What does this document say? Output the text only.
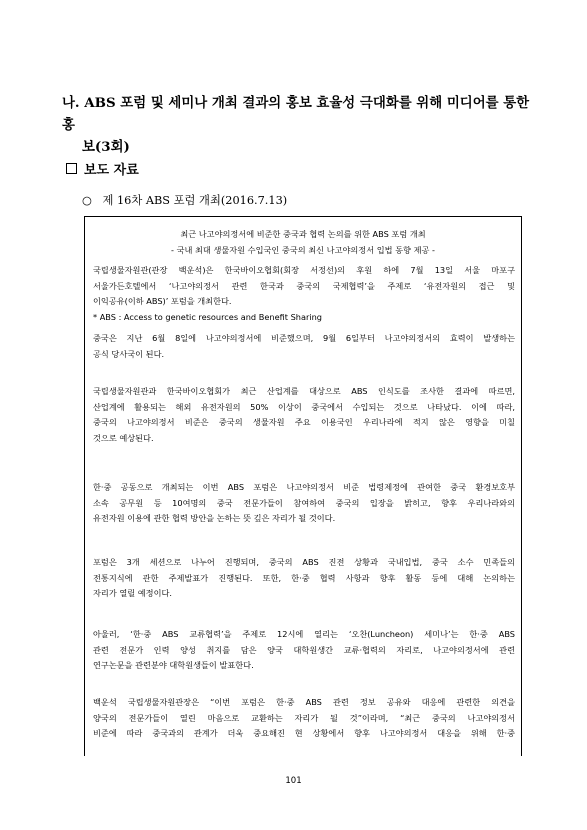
나. ABS 포럼 및 세미나 개최 결과의 홍보 효율성 극대화를 위해 미디어를 통한 홍
보(3회)
보도 자료
○ 제 16차 ABS 포럼 개최(2016.7.13)
최근 나고야의정서에 비준한 중국과 협력 논의를 위한 ABS 포럼 개최
- 국내 최대 생물자원 수입국인 중국의 최신 나고야의정서 입법 동향 제공 -
국립생물자원관(관장 백운석)은 한국바이오협회(회장 서정선)의 후원 하에 7월 13일 서울 마포구
서울가든호텔에서 ‘나고야의정서 관련 한국과 중국의 국제협력’을 주제로 ‘유전자원의 접근 및
이익공유(이하 ABS)’ 포럼을 개최한다.
* ABS : Access to genetic resources and Benefit Sharing
중국은 지난 6월 8일에 나고야의정서에 비준했으며, 9월 6일부터 나고야의정서의 효력이 발생하는
공식 당사국이 된다.
국립생물자원관과 한국바이오협회가 최근 산업계를 대상으로 ABS 인식도를 조사한 결과에 따르면,
산업계에 활용되는 해외 유전자원의 50% 이상이 중국에서 수입되는 것으로 나타났다. 이에 따라,
중국의 나고야의정서 비준은 중국의 생물자원 주요 이용국인 우리나라에 적지 않은 영향을 미칠
것으로 예상된다.
한·중 공동으로 개최되는 이번 ABS 포럼은 나고야의정서 비준 법령제정에 관여한 중국 환경보호부
소속 공무원 등 10여명의 중국 전문가들이 참여하여 중국의 입장을 밝히고, 향후 우리나라와의
유전자원 이용에 관한 협력 방안을 논하는 뜻 깊은 자리가 될 것이다.
포럼은 3개 세션으로 나누어 진행되며, 중국의 ABS 진전 상황과 국내입법, 중국 소수 민족들의
전통지식에 관한 주제발표가 진행된다. 또한, 한·중 협력 사항과 향후 활동 등에 대해 논의하는
자리가 열릴 예정이다.
아울러, ‘한·중 ABS 교류협력’을 주제로 12시에 열리는 ‘오찬(Luncheon) 세미나’는 한·중 ABS
관련 전문가 인력 양성 취지를 담은 양국 대학원생간 교류·협력의 자리로, 나고야의정서에 관련
연구논문을 관련분야 대학원생들이 발표한다.
백운석 국립생물자원관장은 “이번 포럼은 한·중 ABS 관련 정보 공유와 대응에 관련한 의견을
양국의 전문가들이 열린 마음으로 교환하는 자리가 될 것”이라며, “최근 중국의 나고야의정서
비준에 따라 중국과의 관계가 더욱 중요해진 현 상황에서 향후 나고야의정서 대응을 위해 한·중
101
